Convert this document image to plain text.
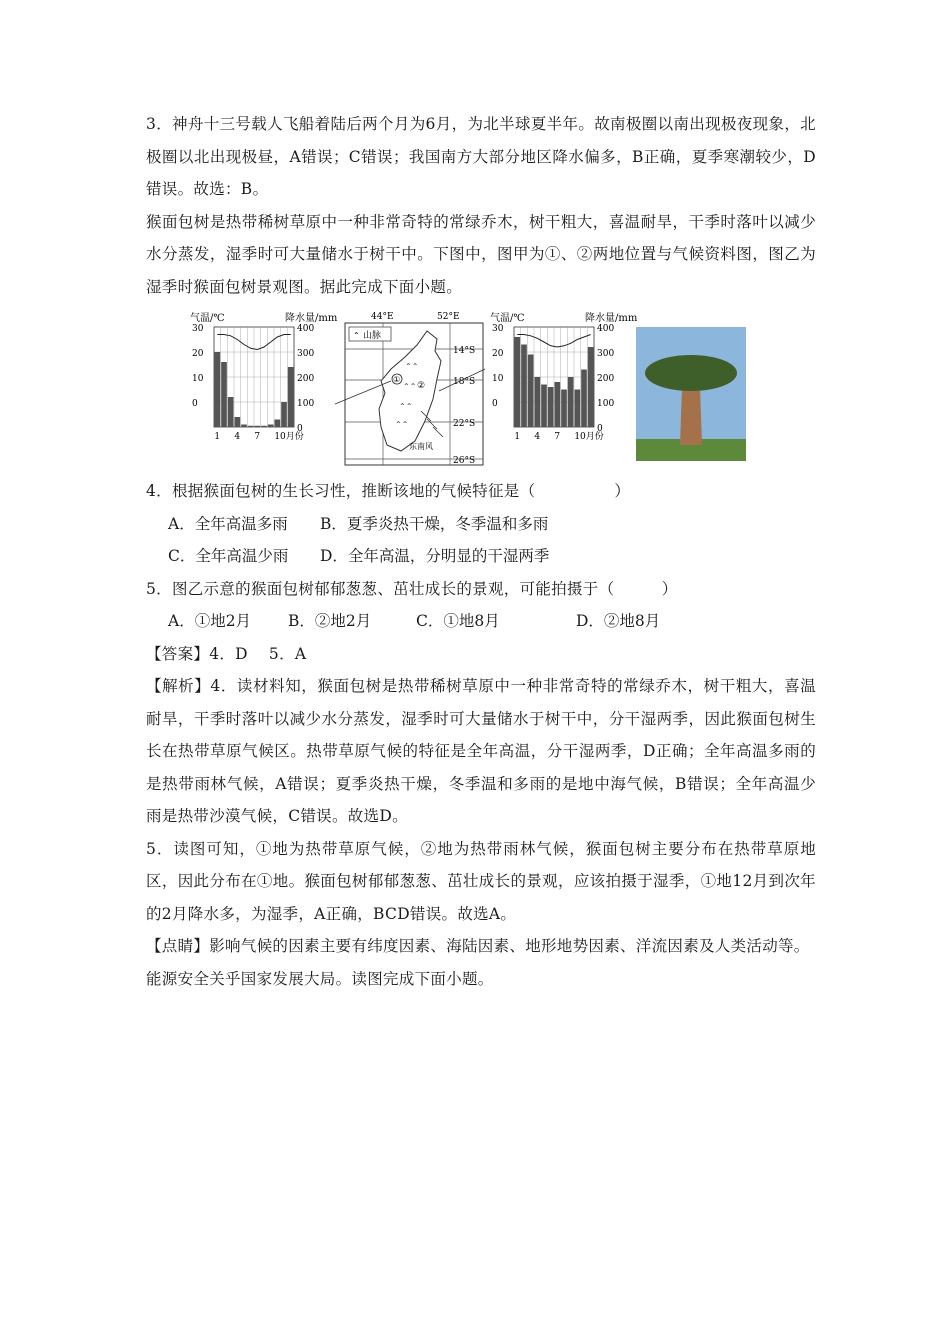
3．神舟十三号载人飞船着陆后两个月为6月，为北半球夏半年。故南极圈以南出现极夜现象，北极圈以北出现极昼，A错误；C错误；我国南方大部分地区降水偏多，B正确，夏季寒潮较少，D错误。故选：B。

猴面包树是热带稀树草原中一种非常奇特的常绿乔木，树干粗大，喜温耐旱，干季时落叶以减少水分蒸发，湿季时可大量储水于树干中。下图中，图甲为①、②两地位置与气候资料图，图乙为湿季时猴面包树景观图。据此完成下面小题。

气温/℃	降水量/mm
30
20
10
0
400
300
200
100
0
1 4 7 10月份
44°E	52°E
14°S
18°S
22°S
26°S
⌃ 山脉
⌃⌃
⌃⌃
⌃⌃
⌃⌃
①
②
东南风
气温/℃	降水量/mm
30
20
10
0
400
300
200
100
0
1 4 7 10月份

4．根据猴面包树的生长习性，推断该地的气候特征是（　　　　　）

A．全年高温多雨 B．夏季炎热干燥，冬季温和多雨
C．全年高温少雨 D．全年高温，分明显的干湿两季

5．图乙示意的猴面包树郁郁葱葱、茁壮成长的景观，可能拍摄于（　　　）

A．①地2月 B．②地2月	C．①地8月	D．②地8月

【答案】4．D　 5．A

【解析】4．读材料知，猴面包树是热带稀树草原中一种非常奇特的常绿乔木，树干粗大，喜温耐旱，干季时落叶以减少水分蒸发，湿季时可大量储水于树干中，分干湿两季，因此猴面包树生长在热带草原气候区。热带草原气候的特征是全年高温，分干湿两季，D正确；全年高温多雨的是热带雨林气候，A错误；夏季炎热干燥，冬季温和多雨的是地中海气候，B错误；全年高温少雨是热带沙漠气候，C错误。故选D。

5．读图可知，①地为热带草原气候，②地为热带雨林气候，猴面包树主要分布在热带草原地区，因此分布在①地。猴面包树郁郁葱葱、茁壮成长的景观，应该拍摄于湿季，①地12月到次年的2月降水多，为湿季，A正确，BCD错误。故选A。

【点睛】影响气候的因素主要有纬度因素、海陆因素、地形地势因素、洋流因素及人类活动等。

能源安全关乎国家发展大局。读图完成下面小题。
